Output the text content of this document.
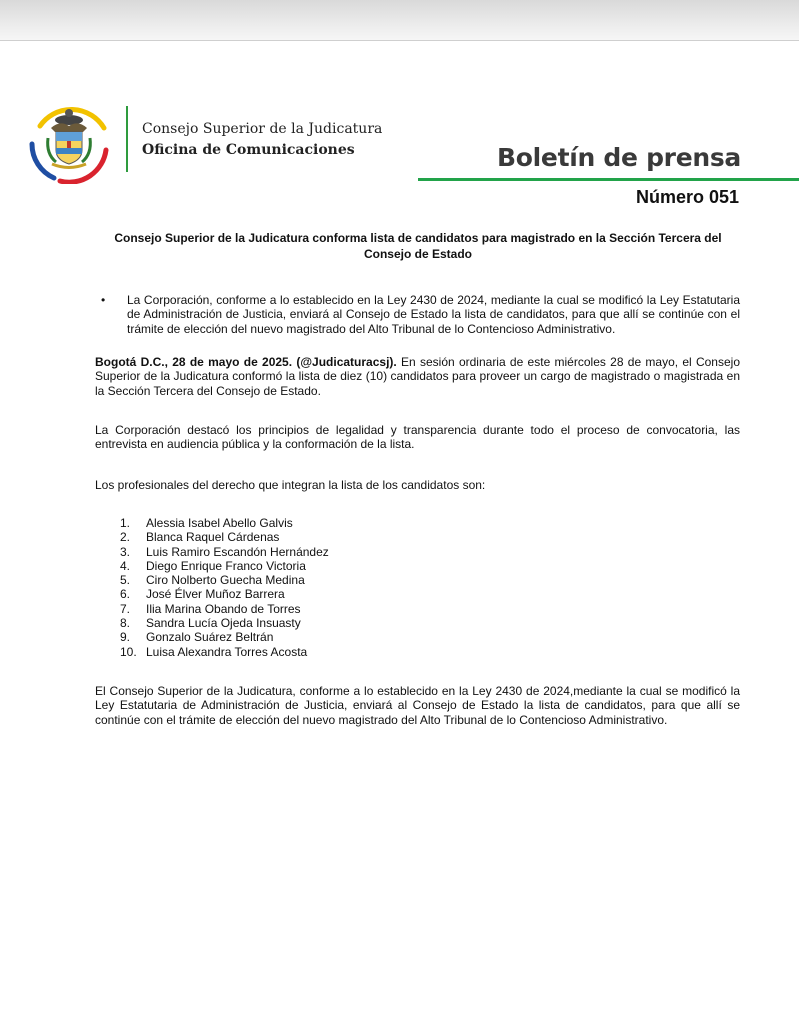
Consejo Superior de la Judicatura
Oficina de Comunicaciones	Boletín de prensa
Número 051
Consejo Superior de la Judicatura conforma lista de candidatos para magistrado en la Sección Tercera del Consejo de Estado
• La Corporación, conforme a lo establecido en la Ley 2430 de 2024, mediante la cual se modificó la Ley Estatutaria de Administración de Justicia, enviará al Consejo de Estado la lista de candidatos, para que allí se continúe con el trámite de elección del nuevo magistrado del Alto Tribunal de lo Contencioso Administrativo.
Bogotá D.C., 28 de mayo de 2025. (@Judicaturacsj). En sesión ordinaria de este miércoles 28 de mayo, el Consejo Superior de la Judicatura conformó la lista de diez (10) candidatos para proveer un cargo de magistrado o magistrada en la Sección Tercera del Consejo de Estado.
La Corporación destacó los principios de legalidad y transparencia durante todo el proceso de convocatoria, las entrevista en audiencia pública y la conformación de la lista.
Los profesionales del derecho que integran la lista de los candidatos son:
1. Alessia Isabel Abello Galvis
2. Blanca Raquel Cárdenas
3. Luis Ramiro Escandón Hernández
4. Diego Enrique Franco Victoria
5. Ciro Nolberto Guecha Medina
6. José Élver Muñoz Barrera
7. Ilia Marina Obando de Torres
8. Sandra Lucía Ojeda Insuasty
9. Gonzalo Suárez Beltrán
10. Luisa Alexandra Torres Acosta
El Consejo Superior de la Judicatura, conforme a lo establecido en la Ley 2430 de 2024,mediante la cual se modificó la Ley Estatutaria de Administración de Justicia, enviará al Consejo de Estado la lista de candidatos, para que allí se continúe con el trámite de elección del nuevo magistrado del Alto Tribunal de lo Contencioso Administrativo.
